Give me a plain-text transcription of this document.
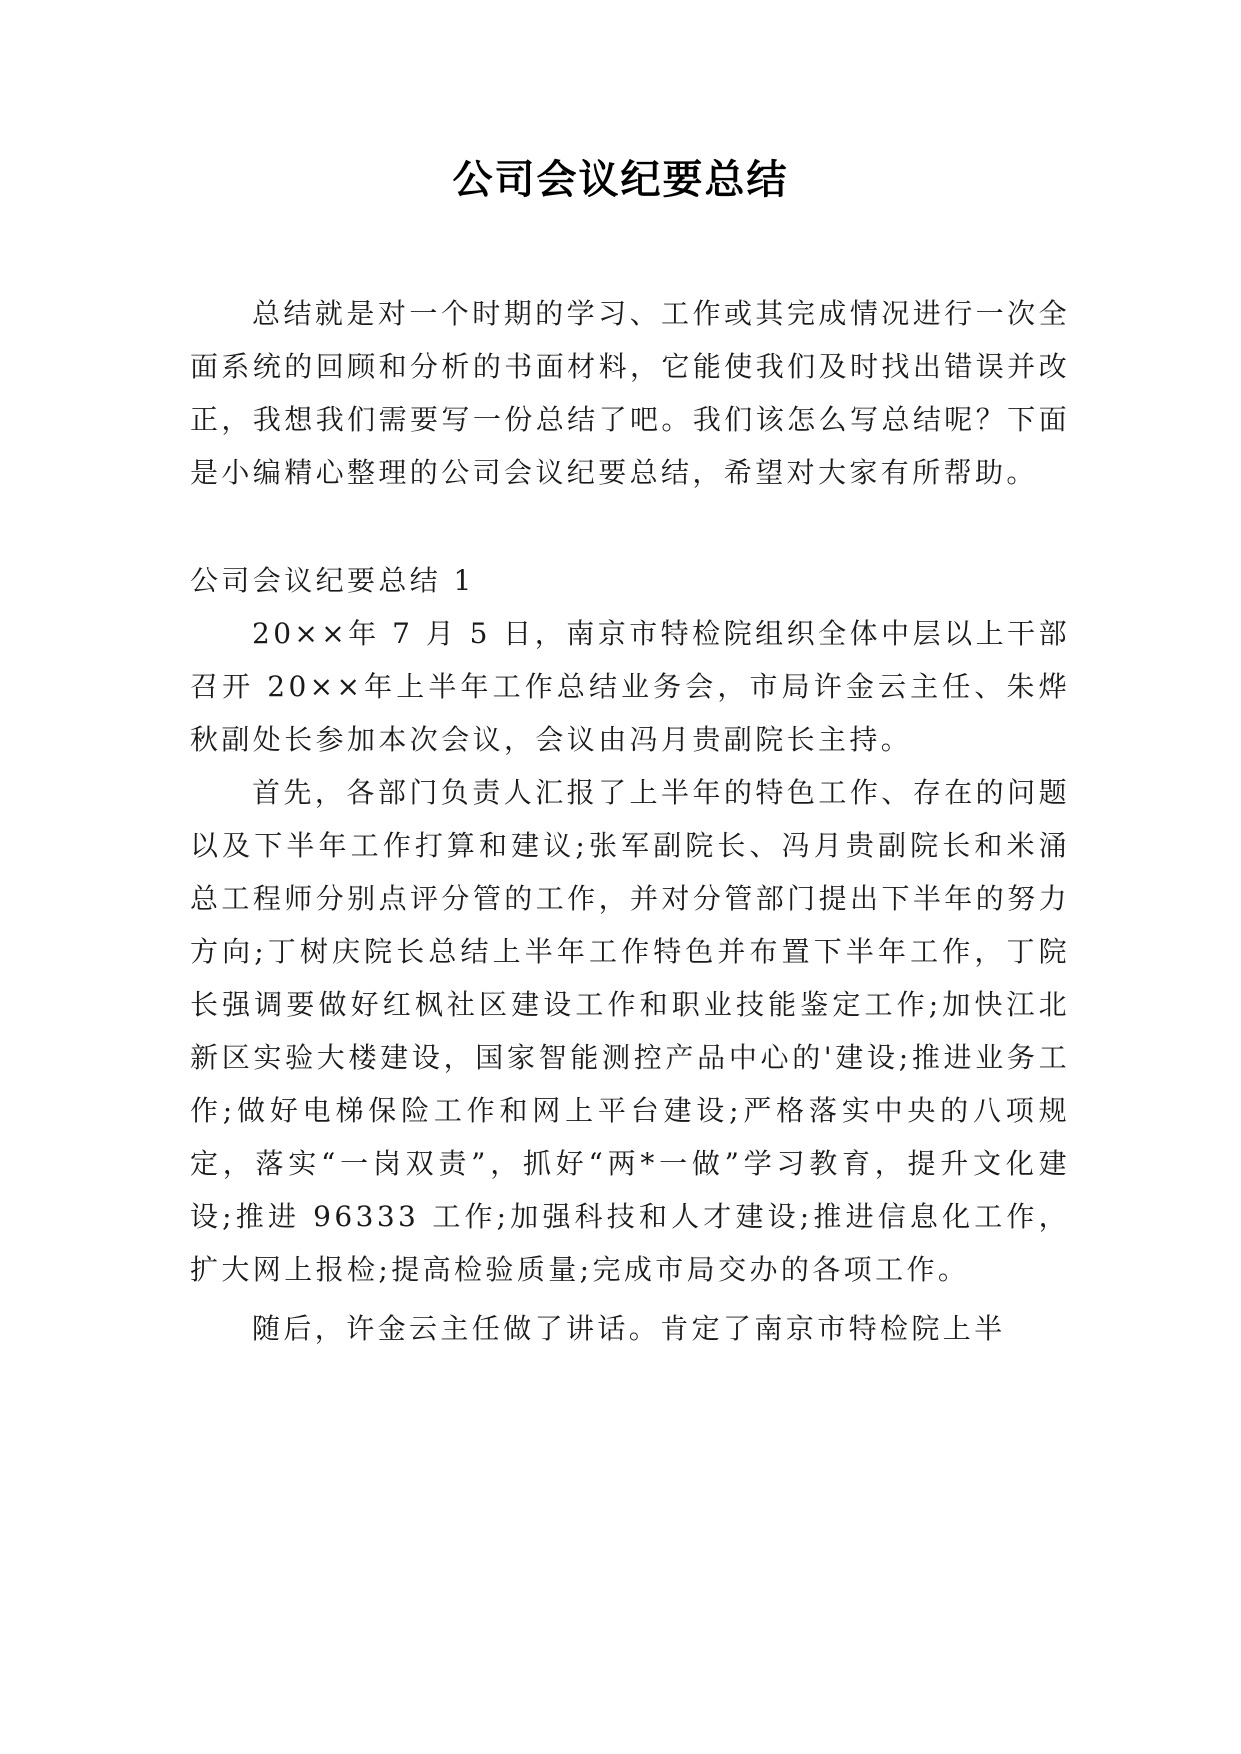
公司会议纪要总结

总结就是对一个时期的学习、工作或其完成情况进行一次全面系统的回顾和分析的书面材料，它能使我们及时找出错误并改正，我想我们需要写一份总结了吧。我们该怎么写总结呢？下面是小编精心整理的公司会议纪要总结，希望对大家有所帮助。

公司会议纪要总结 1

20××年 7 月 5 日，南京市特检院组织全体中层以上干部召开 20××年上半年工作总结业务会，市局许金云主任、朱烨秋副处长参加本次会议，会议由冯月贵副院长主持。

首先，各部门负责人汇报了上半年的特色工作、存在的问题以及下半年工作打算和建议;张军副院长、冯月贵副院长和米涌总工程师分别点评分管的工作，并对分管部门提出下半年的努力方向;丁树庆院长总结上半年工作特色并布置下半年工作，丁院长强调要做好红枫社区建设工作和职业技能鉴定工作;加快江北新区实验大楼建设，国家智能测控产品中心的'建设;推进业务工作;做好电梯保险工作和网上平台建设;严格落实中央的八项规定，落实“一岗双责”，抓好“两*一做”学习教育，提升文化建设;推进 96333 工作;加强科技和人才建设;推进信息化工作，扩大网上报检;提高检验质量;完成市局交办的各项工作。

随后，许金云主任做了讲话。肯定了南京市特检院上半
